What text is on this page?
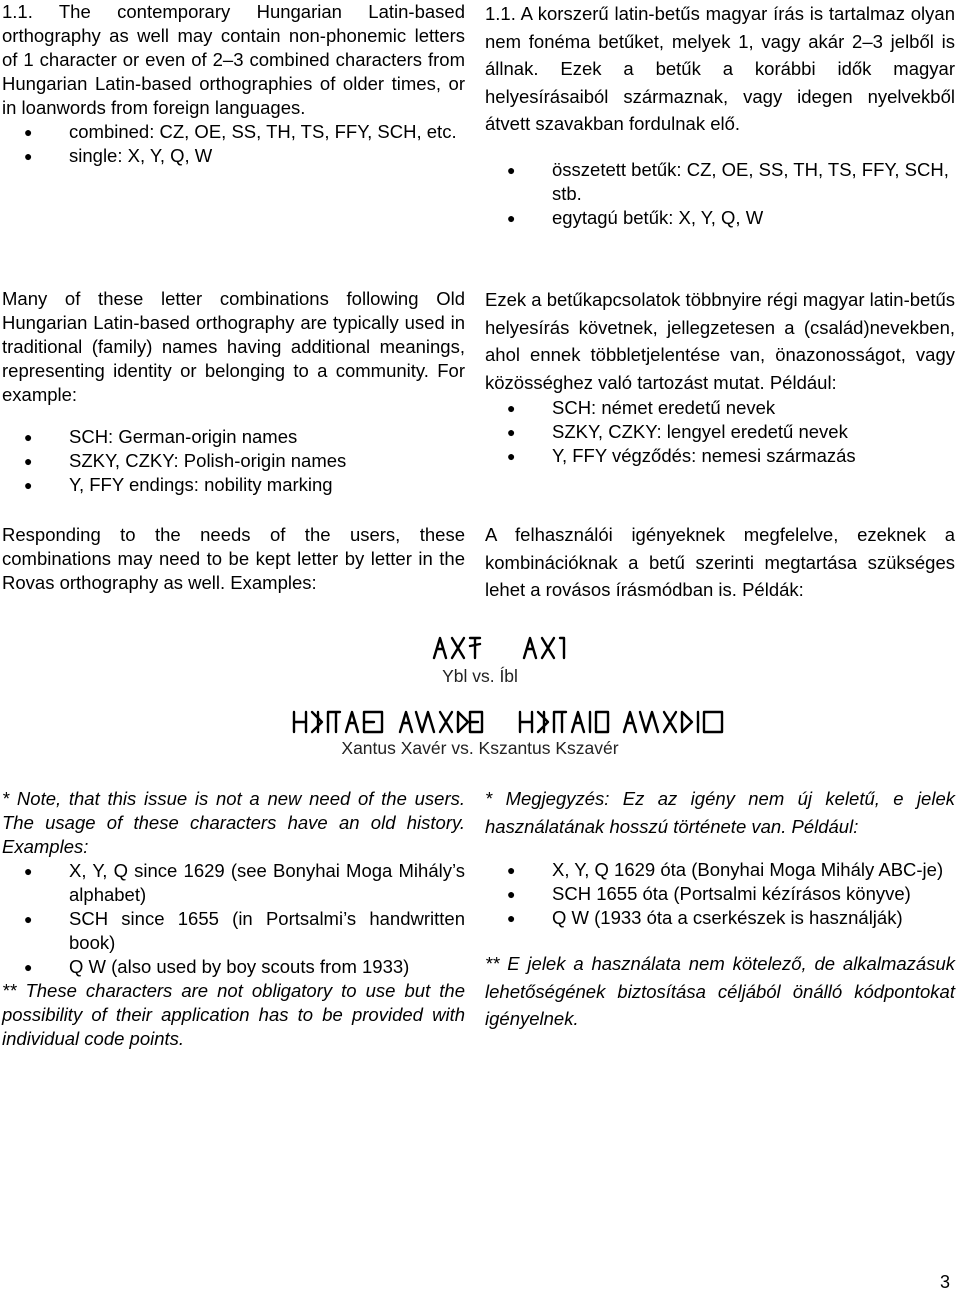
1.1. The contemporary Hungarian Latin-based orthography as well may contain non-phonemic letters of 1 character or even of 2–3 combined characters from Hungarian Latin-based orthographies of older times, or in loanwords from foreign languages.

● combined: CZ, OE, SS, TH, TS, FFY, SCH, etc.
● single: X, Y, Q, W

1.1. A korszerű latin-betűs magyar írás is tartalmaz olyan nem fonéma betűket, melyek 1, vagy akár 2–3 jelből is állnak. Ezek a betűk a korábbi idők magyar helyesírásaiból származnak, vagy idegen nyelvekből átvett szavakban fordulnak elő.

● összetett betűk: CZ, OE, SS, TH, TS, FFY, SCH, stb.
● egytagú betűk: X, Y, Q, W

Many of these letter combinations following Old Hungarian Latin-based orthography are typically used in traditional (family) names having additional meanings, representing identity or belonging to a community. For example:

● SCH: German-origin names
● SZKY, CZKY: Polish-origin names
● Y, FFY endings: nobility marking

Ezek a betűkapcsolatok többnyire régi magyar latin-betűs helyesírás követnek, jellegzetesen a (család)nevekben, ahol ennek többletjelentése van, önazonosságot, vagy közösséghez való tartozást mutat. Például:

● SCH: német eredetű nevek
● SZKY, CZKY: lengyel eredetű nevek
● Y, FFY végződés: nemesi származás

Responding to the needs of the users, these combinations may need to be kept letter by letter in the Rovas orthography as well. Examples:

A felhasználói igényeknek megfelelve, ezeknek a kombinációknak a betű szerinti megtartása szükséges lehet a rovásos írásmódban is. Példák:

Ybl vs. Íbl
Xantus Xavér vs. Kszantus Kszavér

* Note, that this issue is not a new need of the users. The usage of these characters have an old history. Examples:

● X, Y, Q since 1629 (see Bonyhai Moga Mihály’s alphabet)
● SCH since 1655 (in Portsalmi’s handwritten book)
● Q W (also used by boy scouts from 1933)

** These characters are not obligatory to use but the possibility of their application has to be provided with individual code points.

* Megjegyzés: Ez az igény nem új keletű, e jelek használatának hosszú története van. Például:

● X, Y, Q 1629 óta (Bonyhai Moga Mihály ABC-je)
● SCH 1655 óta (Portsalmi kézírásos könyve)
● Q W (1933 óta a cserkészek is használják)

** E jelek a használata nem kötelező, de alkalmazásuk lehetőségének biztosítása céljából önálló kódpontokat igényelnek.

3
